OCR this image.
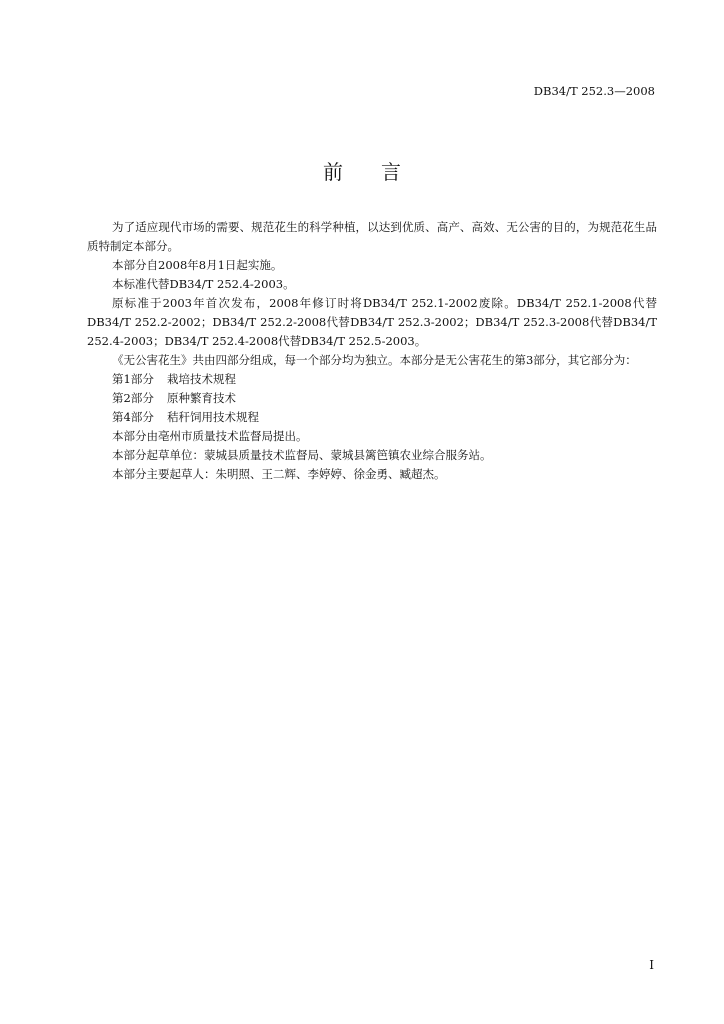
DB34/T 252.3—2008
前言

为了适应现代市场的需要、规范花生的科学种植，以达到优质、高产、高效、无公害的目的，为规范花生品质特制定本部分。

本部分自2008年8月1日起实施。

本标准代替DB34/T 252.4-2003。

原标准于2003年首次发布，2008年修订时将DB34/T 252.1-2002废除。DB34/T 252.1-2008代替DB34/T 252.2-2002；DB34/T 252.2-2008代替DB34/T 252.3-2002；DB34/T 252.3-2008代替DB34/T 252.4-2003；DB34/T 252.4-2008代替DB34/T 252.5-2003。

《无公害花生》共由四部分组成，每一个部分均为独立。本部分是无公害花生的第3部分，其它部分为：

第1部分 栽培技术规程

第2部分 原种繁育技术

第4部分 秸秆饲用技术规程

本部分由亳州市质量技术监督局提出。

本部分起草单位：蒙城县质量技术监督局、蒙城县篱笆镇农业综合服务站。

本部分主要起草人：朱明照、王二辉、李婷婷、徐金勇、臧超杰。

I
